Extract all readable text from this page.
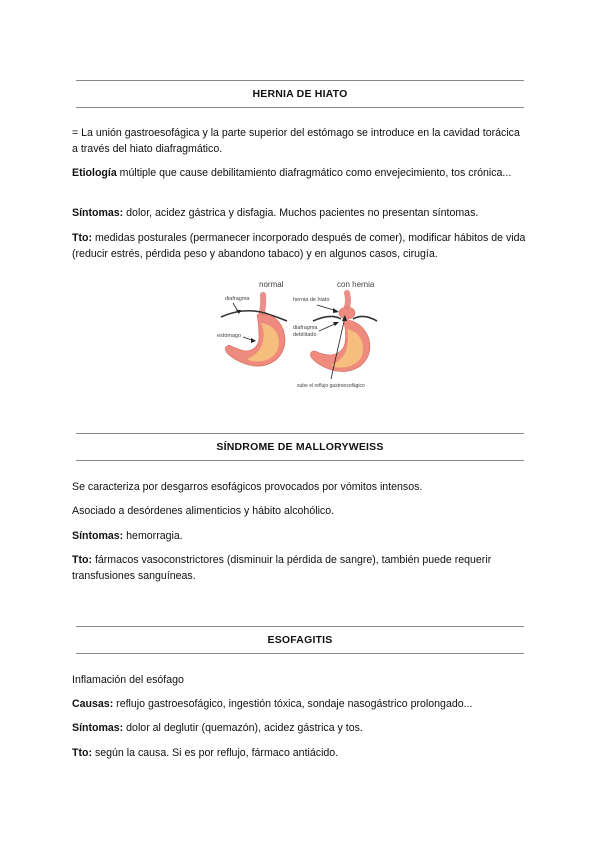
HERNIA DE HIATO

= La unión gastroesofágica y la parte superior del estómago se introduce en la cavidad torácica a través del hiato diafragmático.

Etiología múltiple que cause debilitamiento diafragmático como envejecimiento, tos crónica...

Síntomas: dolor, acidez gástrica y disfagia. Muchos pacientes no presentan síntomas.

Tto: medidas posturales (permanecer incorporado después de comer), modificar hábitos de vida (reducir estrés, pérdida peso y abandono tabaco) y en algunos casos, cirugía.

normal	con hernia
diafragma
estómago
hernia de hiato
diafragma
debilitado
sube el reflujo gastroesofágico
SÍNDROME DE MALLORYWEISS

Se caracteriza por desgarros esofágicos provocados por vómitos intensos.

Asociado a desórdenes alimenticios y hábito alcohólico.

Síntomas: hemorragia.

Tto: fármacos vasoconstrictores (disminuir la pérdida de sangre), también puede requerir transfusiones sanguíneas.

ESOFAGITIS

Inflamación del esófago

Causas: reflujo gastroesofágico, ingestión tóxica, sondaje nasogástrico prolongado...

Síntomas: dolor al deglutir (quemazón), acidez gástrica y tos.

Tto: según la causa. Si es por reflujo, fármaco antiácido.
